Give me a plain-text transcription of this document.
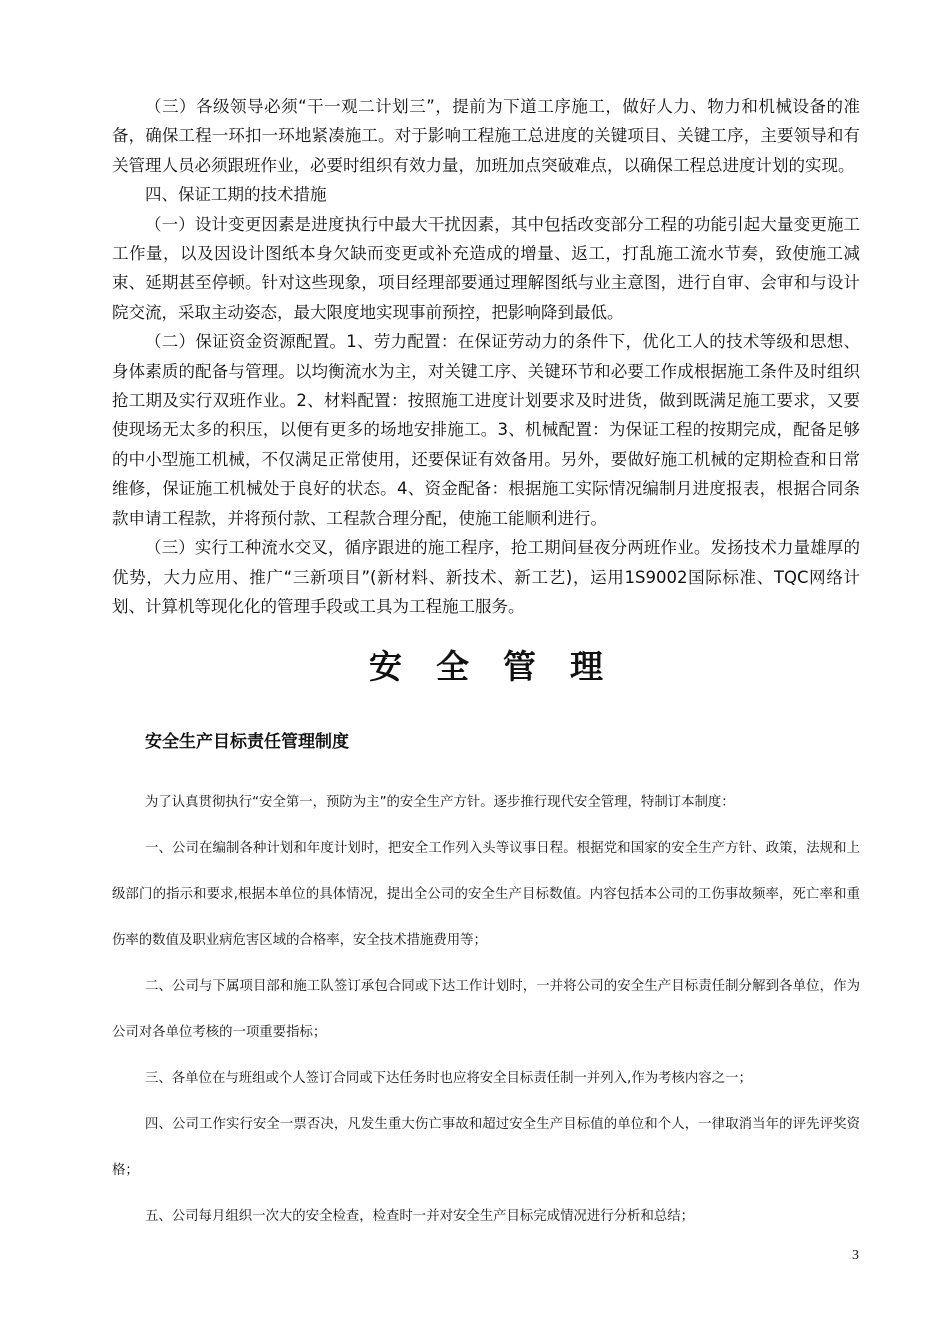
（三）各级领导必须“干一观二计划三”，提前为下道工序施工，做好人力、物力和机械设备的准备，确保工程一环扣一环地紧凑施工。对于影响工程施工总进度的关键项目、关键工序，主要领导和有关管理人员必须跟班作业，必要时组织有效力量，加班加点突破难点，以确保工程总进度计划的实现。

四、保证工期的技术措施

（一）设计变更因素是进度执行中最大干扰因素，其中包括改变部分工程的功能引起大量变更施工工作量，以及因设计图纸本身欠缺而变更或补充造成的增量、返工，打乱施工流水节奏，致使施工减束、延期甚至停顿。针对这些现象，项目经理部要通过理解图纸与业主意图，进行自审、会审和与设计院交流，采取主动姿态，最大限度地实现事前预控，把影响降到最低。

（二）保证资金资源配置。1、劳力配置：在保证劳动力的条件下，优化工人的技术等级和思想、身体素质的配备与管理。以均衡流水为主，对关键工序、关键环节和必要工作成根据施工条件及时组织抢工期及实行双班作业。2、材料配置：按照施工进度计划要求及时进货，做到既满足施工要求，又要使现场无太多的积压，以便有更多的场地安排施工。3、机械配置：为保证工程的按期完成，配备足够的中小型施工机械，不仅满足正常使用，还要保证有效备用。另外，要做好施工机械的定期检查和日常维修，保证施工机械处于良好的状态。4、资金配备：根据施工实际情况编制月进度报表，根据合同条款申请工程款，并将预付款、工程款合理分配，使施工能顺利进行。

（三）实行工种流水交叉，循序跟进的施工程序，抢工期间昼夜分两班作业。发扬技术力量雄厚的优势，大力应用、推广“三新项目”(新材料、新技术、新工艺)，运用1S9002国际标准、TQC网络计划、计算机等现化化的管理手段或工具为工程施工服务。

安全管理
安全生产目标责任管理制度

为了认真贯彻执行“安全第一，预防为主”的安全生产方针。逐步推行现代安全管理，特制订本制度：

一、公司在编制各种计划和年度计划时，把安全工作列入头等议事日程。根据党和国家的安全生产方针、政策，法规和上级部门的指示和要求,根据本单位的具体情况，提出全公司的安全生产目标数值。内容包括本公司的工伤事故频率，死亡率和重伤率的数值及职业病危害区域的合格率，安全技术措施费用等；

二、公司与下属项目部和施工队签订承包合同或下达工作计划时，一并将公司的安全生产目标责任制分解到各单位，作为公司对各单位考核的一项重要指标；

三、各单位在与班组或个人签订合同或下达任务时也应将安全目标责任制一并列入,作为考核内容之一；

四、公司工作实行安全一票否决，凡发生重大伤亡事故和超过安全生产目标值的单位和个人，一律取消当年的评先评奖资格；

五、公司每月组织一次大的安全检查，检查时一并对安全生产目标完成情况进行分析和总结；

3
